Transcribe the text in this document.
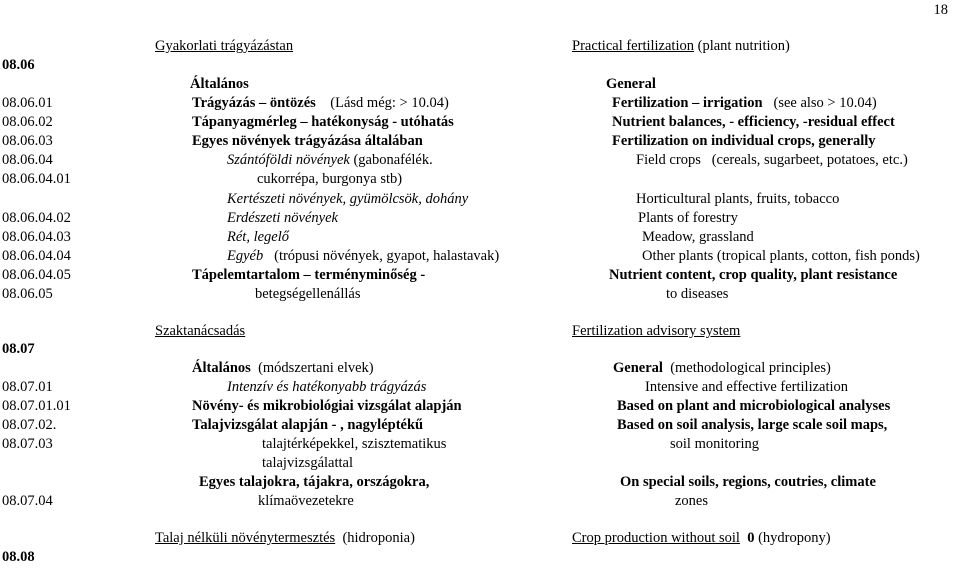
18
Gyakorlati trágyázástan	Practical fertilization (plant nutrition)
08.06
Általános	General
08.06.01	Trágyázás – öntözés (Lásd még: > 10.04)	Fertilization – irrigation (see also > 10.04)
08.06.02	Tápanyagmérleg – hatékonyság - utóhatás	Nutrient balances, - efficiency, -residual effect
08.06.03	Egyes növények trágyázása általában	Fertilization on individual crops, generally
08.06.04	Szántóföldi növények (gabonafélék.	Field crops (cereals, sugarbeet, potatoes, etc.)
08.06.04.01	cukorrépa, burgonya stb)
Kertészeti növények, gyümölcsök, dohány	Horticultural plants, fruits, tobacco
08.06.04.02	Erdészeti növények	Plants of forestry
08.06.04.03	Rét, legelő	Meadow, grassland
08.06.04.04	Egyéb (trópusi növények, gyapot, halastavak)	Other plants (tropical plants, cotton, fish ponds)
08.06.04.05	Tápelemtartalom – terményminőség -	Nutrient content, crop quality, plant resistance
08.06.05	betegségellenállás	to diseases
Szaktanácsadás	Fertilization advisory system
08.07
Általános (módszertani elvek)	General (methodological principles)
08.07.01	Intenzív és hatékonyabb trágyázás	Intensive and effective fertilization
08.07.01.01	Növény- és mikrobiológiai vizsgálat alapján	Based on plant and microbiological analyses
08.07.02.	Talajvizsgálat alapján - , nagyléptékű	Based on soil analysis, large scale soil maps,
08.07.03	talajtérképekkel, szisztematikus	soil monitoring
talajvizsgálattal
Egyes talajokra, tájakra, országokra,	On special soils, regions, coutries, climate
08.07.04	klímaövezetekre	zones
Talaj nélküli növénytermesztés (hidroponia)	Crop production without soil 0 (hydropony)
08.08
